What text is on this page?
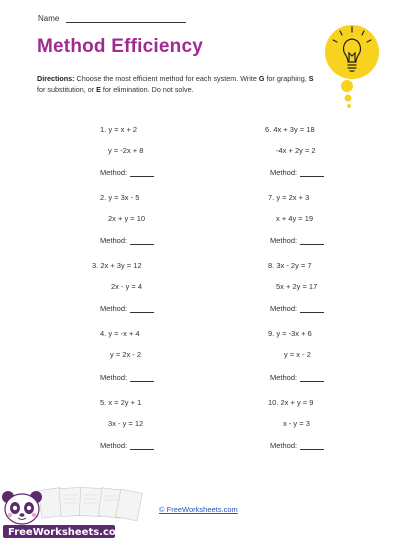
Name
Method Efficiency
Directions: Choose the most efficient method for each system. Write G for graphing, S for substitution, or E for elimination. Do not solve.
1. y = x + 2
y = -2x + 8
Method:
2. y = 3x - 5
2x + y = 10
Method:
3. 2x + 3y = 12
2x - y = 4
Method:
4. y = -x + 4
y = 2x - 2
Method:
5. x = 2y + 1
3x - y = 12
Method:
6. 4x + 3y = 18
-4x + 2y = 2
Method:
7. y = 2x + 3
x + 4y = 19
Method:
8. 3x - 2y = 7
5x + 2y = 17
Method:
9. y = -3x + 6
y = x - 2
Method:
10. 2x + y = 9
x - y = 3
Method:
FreeWorksheets.com
© FreeWorksheets.com
